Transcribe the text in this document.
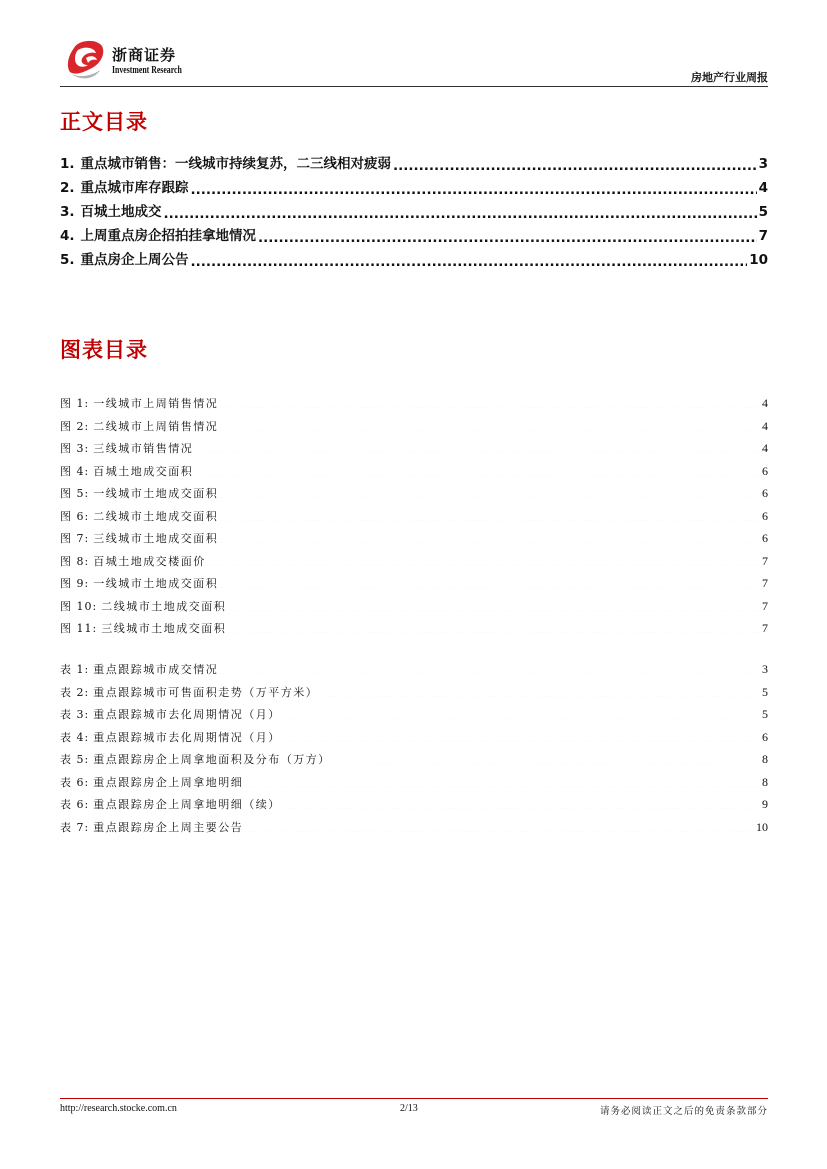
浙商证券
Investment Research
房地产行业周报
正文目录
1. 重点城市销售：一线城市持续复苏，二三线相对疲弱 .....	3
2. 重点城市库存跟踪 .....	4
3. 百城土地成交 .....	5
4. 上周重点房企招拍挂拿地情况 .....	7
5. 重点房企上周公告 .....	10
图表目录
图 1: 一线城市上周销售情况 .....	4
图 2: 二线城市上周销售情况 .....	4
图 3: 三线城市销售情况 .....	4
图 4: 百城土地成交面积 .....	6
图 5: 一线城市土地成交面积 .....	6
图 6: 二线城市土地成交面积 .....	6
图 7: 三线城市土地成交面积 .....	6
图 8: 百城土地成交楼面价 .....	7
图 9: 一线城市土地成交面积 .....	7
图 10: 二线城市土地成交面积 .....	7
图 11: 三线城市土地成交面积 .....	7
表 1: 重点跟踪城市成交情况 .....	3
表 2: 重点跟踪城市可售面积走势（万平方米） .....	5
表 3: 重点跟踪城市去化周期情况（月） .....	5
表 4: 重点跟踪城市去化周期情况（月） .....	6
表 5: 重点跟踪房企上周拿地面积及分布（万方） .....	8
表 6: 重点跟踪房企上周拿地明细 .....	8
表 6: 重点跟踪房企上周拿地明细（续） .....	9
表 7: 重点跟踪房企上周主要公告 .....	10
http://research.stocke.com.cn	2/13	请务必阅读正文之后的免责条款部分
